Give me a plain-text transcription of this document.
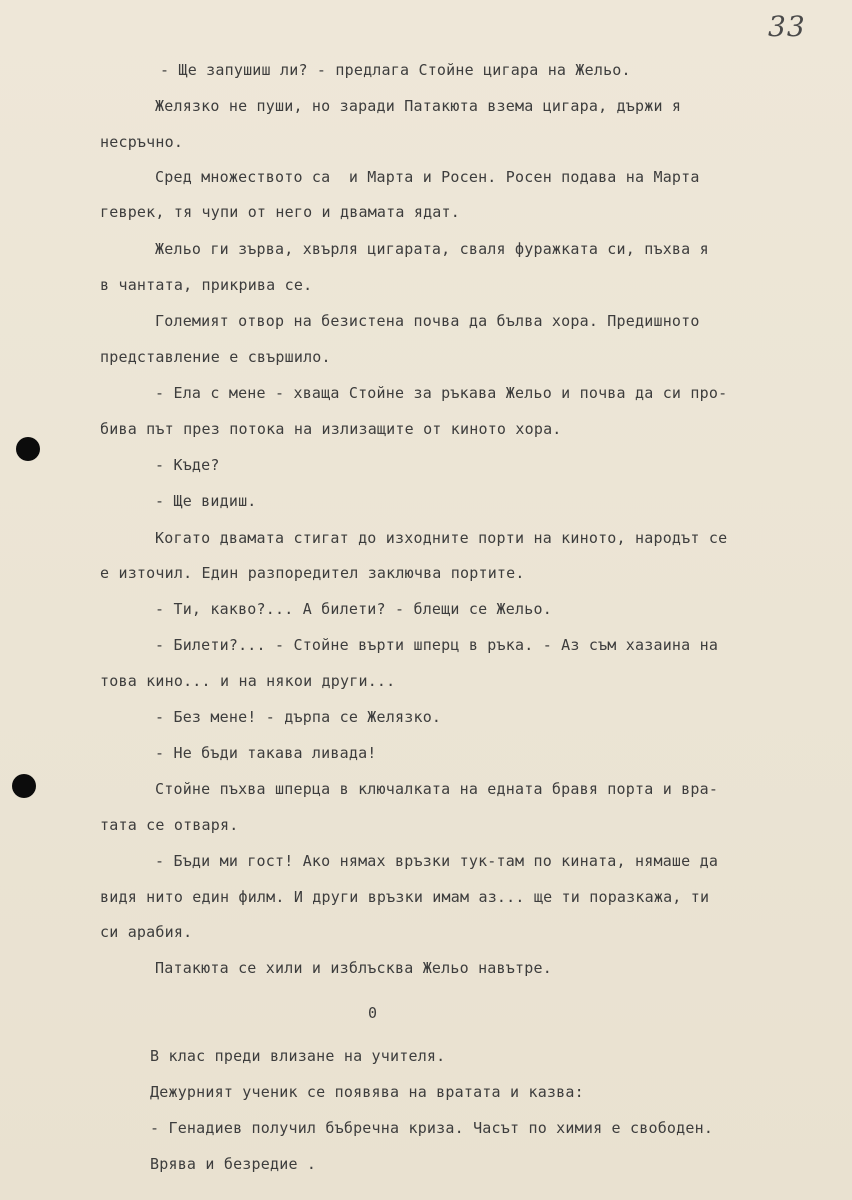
33
- Ще запушиш ли? - предлага Стойне цигара на Жельо.
Желязко не пуши, но заради Патакюта взема цигара, държи я
несръчно.
Сред множеството са  и Марта и Росен. Росен подава на Марта
геврек, тя чупи от него и двамата ядат.
Жельо ги зърва, хвърля цигарата, сваля фуражката си, пъхва я
в чантата, прикрива се.
Големият отвор на безистена почва да бълва хора. Предишното
представление е свършило.
- Ела с мене - хваща Стойне за ръкава Жельо и почва да си про-
бива път през потока на излизащите от киното хора.
- Къде?
- Ще видиш.
Когато двамата стигат до изходните порти на киното, народът се
е източил. Един разпоредител заключва портите.
- Ти, какво?... А билети? - блещи се Жельо.
- Билети?... - Стойне върти шперц в ръка. - Аз съм хазаина на
това кино... и на някои други...
- Без мене! - дърпа се Желязко.
- Не бъди такава ливада!
Стойне пъхва шперца в ключалката на едната бравя порта и вра-
тата се отваря.
- Бъди ми гост! Ако нямах връзки тук-там по кината, нямаше да
видя нито един филм. И други връзки имам аз... ще ти поразкажа, ти
си арабия.
Патакюта се хили и изблъсква Жельо навътре.
0
В клас преди влизане на учителя.
Дежурният ученик се появява на вратата и казва:
- Генадиев получил бъбречна криза. Часът по химия е свободен.
Врява и безредие .
